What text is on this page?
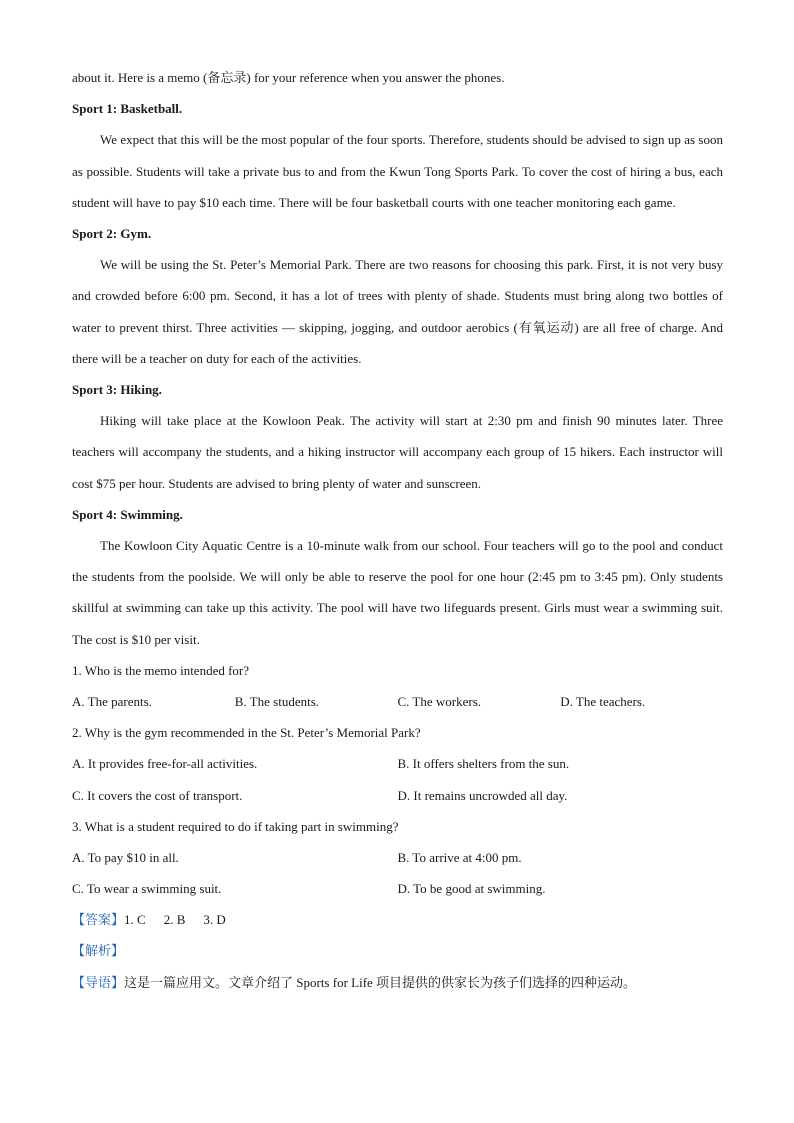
about it. Here is a memo (备忘录) for your reference when you answer the phones.
Sport 1: Basketball.

We expect that this will be the most popular of the four sports. Therefore, students should be advised to sign up as soon as possible. Students will take a private bus to and from the Kwun Tong Sports Park. To cover the cost of hiring a bus, each student will have to pay $10 each time. There will be four basketball courts with one teacher monitoring each game.

Sport 2: Gym.

We will be using the St. Peter’s Memorial Park. There are two reasons for choosing this park. First, it is not very busy and crowded before 6:00 pm. Second, it has a lot of trees with plenty of shade. Students must bring along two bottles of water to prevent thirst. Three activities — skipping, jogging, and outdoor aerobics (有氧运动) are all free of charge. And there will be a teacher on duty for each of the activities.

Sport 3: Hiking.

Hiking will take place at the Kowloon Peak. The activity will start at 2:30 pm and finish 90 minutes later. Three teachers will accompany the students, and a hiking instructor will accompany each group of 15 hikers. Each instructor will cost $75 per hour. Students are advised to bring plenty of water and sunscreen.

Sport 4: Swimming.

The Kowloon City Aquatic Centre is a 10-minute walk from our school. Four teachers will go to the pool and conduct the students from the poolside. We will only be able to reserve the pool for one hour (2:45 pm to 3:45 pm). Only students skillful at swimming can take up this activity. The pool will have two lifeguards present. Girls must wear a swimming suit. The cost is $10 per visit.

1. Who is the memo intended for?
A. The parents.	B. The students.	C. The workers.	D. The teachers.
2. Why is the gym recommended in the St. Peter’s Memorial Park?
A. It provides free-for-all activities.	B. It offers shelters from the sun.
C. It covers the cost of transport.	D. It remains uncrowded all day.
3. What is a student required to do if taking part in swimming?
A. To pay $10 in all.	B. To arrive at 4:00 pm.
C. To wear a swimming suit.	D. To be good at swimming.
【答案】1. C 2. B 3. D
【解析】
【导语】这是一篇应用文。文章介绍了 Sports for Life 项目提供的供家长为孩子们选择的四种运动。
